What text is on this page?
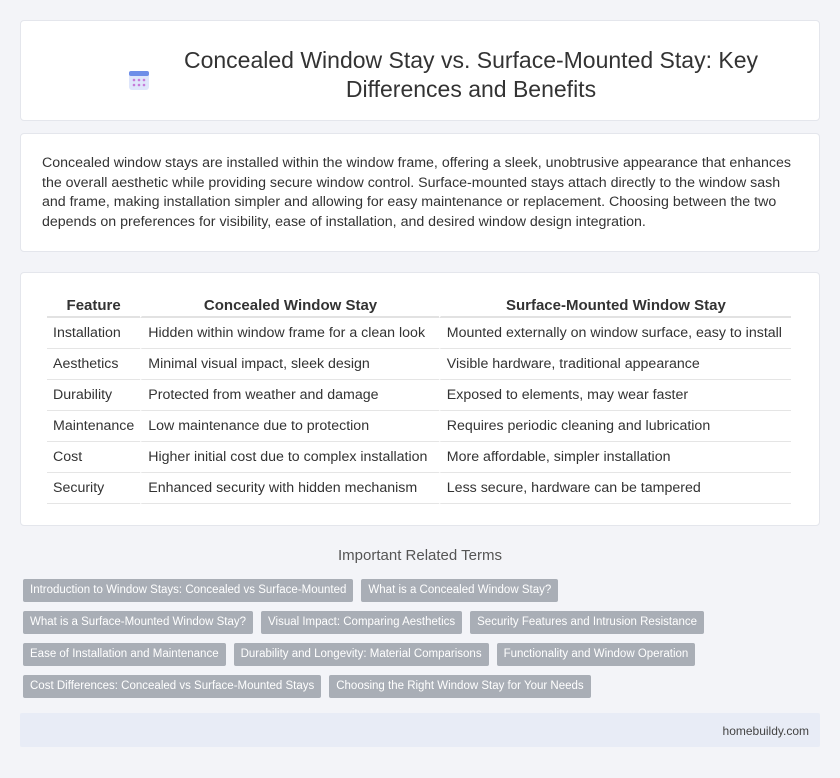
Concealed Window Stay vs. Surface-Mounted Stay: Key Differences and Benefits

Concealed window stays are installed within the window frame, offering a sleek, unobtrusive appearance that enhances the overall aesthetic while providing secure window control. Surface-mounted stays attach directly to the window sash and frame, making installation simpler and allowing for easy maintenance or replacement. Choosing between the two depends on preferences for visibility, ease of installation, and desired window design integration.

Feature	Concealed Window Stay	Surface-Mounted Window Stay
Installation	Hidden within window frame for a clean look	Mounted externally on window surface, easy to install
Aesthetics	Minimal visual impact, sleek design	Visible hardware, traditional appearance
Durability	Protected from weather and damage	Exposed to elements, may wear faster
Maintenance	Low maintenance due to protection	Requires periodic cleaning and lubrication
Cost	Higher initial cost due to complex installation	More affordable, simpler installation
Security	Enhanced security with hidden mechanism	Less secure, hardware can be tampered
Important Related Terms
Introduction to Window Stays: Concealed vs Surface-Mounted	What is a Concealed Window Stay?
What is a Surface-Mounted Window Stay?	Visual Impact: Comparing Aesthetics	Security Features and Intrusion Resistance
Ease of Installation and Maintenance	Durability and Longevity: Material Comparisons	Functionality and Window Operation
Cost Differences: Concealed vs Surface-Mounted Stays	Choosing the Right Window Stay for Your Needs
homebuildy.com
